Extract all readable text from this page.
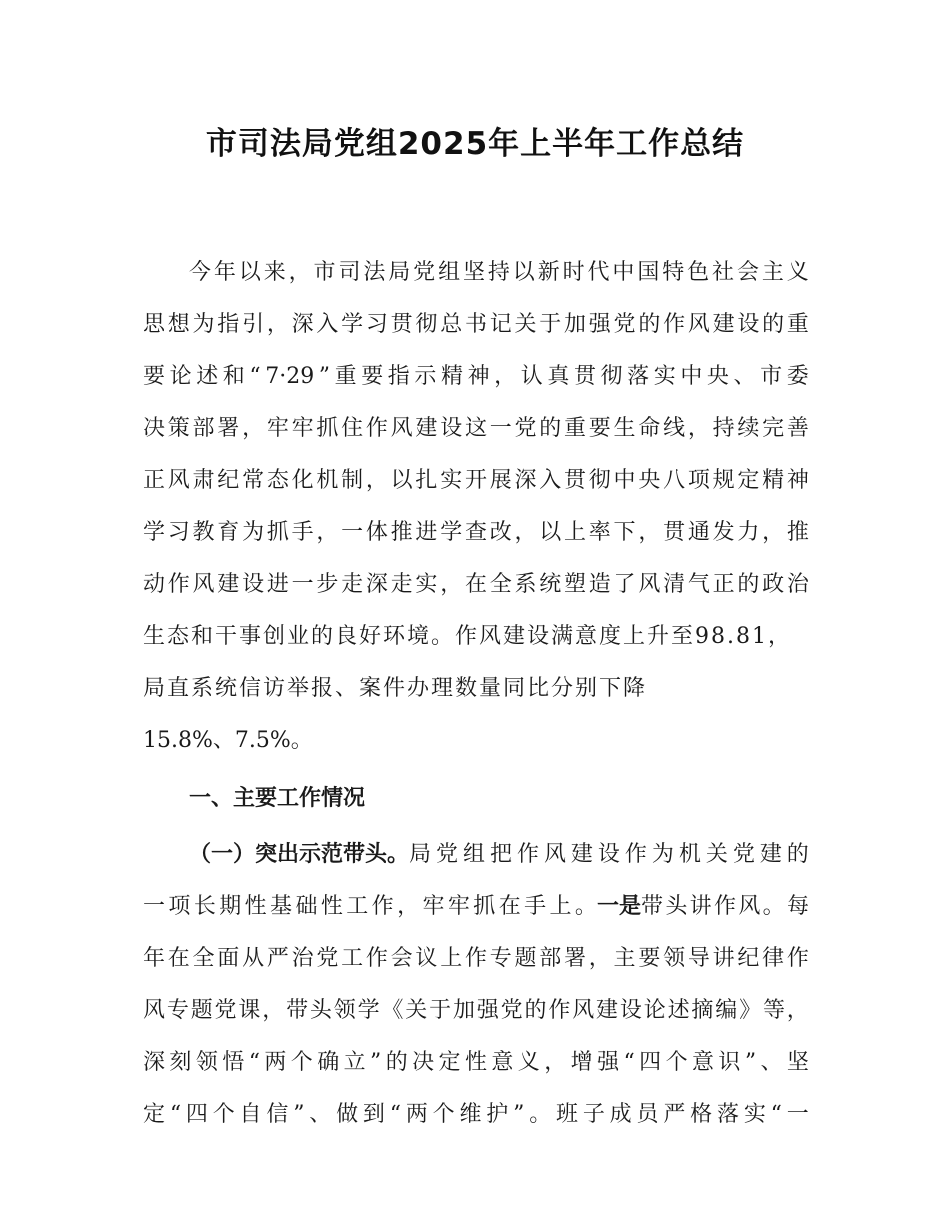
市司法局党组2025年上半年工作总结
今 年 以 来 ， 市 司 法 局 党 组 坚 持 以 新 时 代 中 国 特 色 社 会 主 义
思 想 为 指 引 ， 深 入 学 习 贯 彻 总 书 记 关 于 加 强 党 的 作 风 建 设 的 重
要 论 述 和 “ 7·29 ” 重 要 指 示 精 神 ， 认 真 贯 彻 落 实 中 央 、 市 委
决 策 部 署 ， 牢 牢 抓 住 作 风 建 设 这 一 党 的 重 要 生 命 线 ， 持 续 完 善
正 风 肃 纪 常 态 化 机 制 ， 以 扎 实 开 展 深 入 贯 彻 中 央 八 项 规 定 精 神
学 习 教 育 为 抓 手 ， 一 体 推 进 学 查 改 ， 以 上 率 下 ， 贯 通 发 力 ， 推
动 作 风 建 设 进 一 步 走 深 走 实 ， 在 全 系 统 塑 造 了 风 清 气 正 的 政 治
生态和干事创业的良好环境。作风建设满意度上升至98.81，
局直系统信访举报、案件办理数量同比分别下降
15.8%、7.5%。
一、主要工作情况
（一）突出示范带头。 局 党 组 把 作 风 建 设 作 为 机 关 党 建 的
一 项 长 期 性 基 础 性 工 作 ， 牢 牢 抓 在 手 上 。 一是 带 头 讲 作 风 。 每
年 在 全 面 从 严 治 党 工 作 会 议 上 作 专 题 部 署 ， 主 要 领 导 讲 纪 律 作
风 专 题 党 课 ， 带 头 领 学 《 关 于 加 强 党 的 作 风 建 设 论 述 摘 编 》 等 ，
深 刻 领 悟 “ 两 个 确 立 ” 的 决 定 性 意 义 ， 增 强 “ 四 个 意 识 ” 、 坚
定 “ 四 个 自 信 ” 、 做 到 “ 两 个 维 护 ” 。 班 子 成 员 严 格 落 实 “ 一
